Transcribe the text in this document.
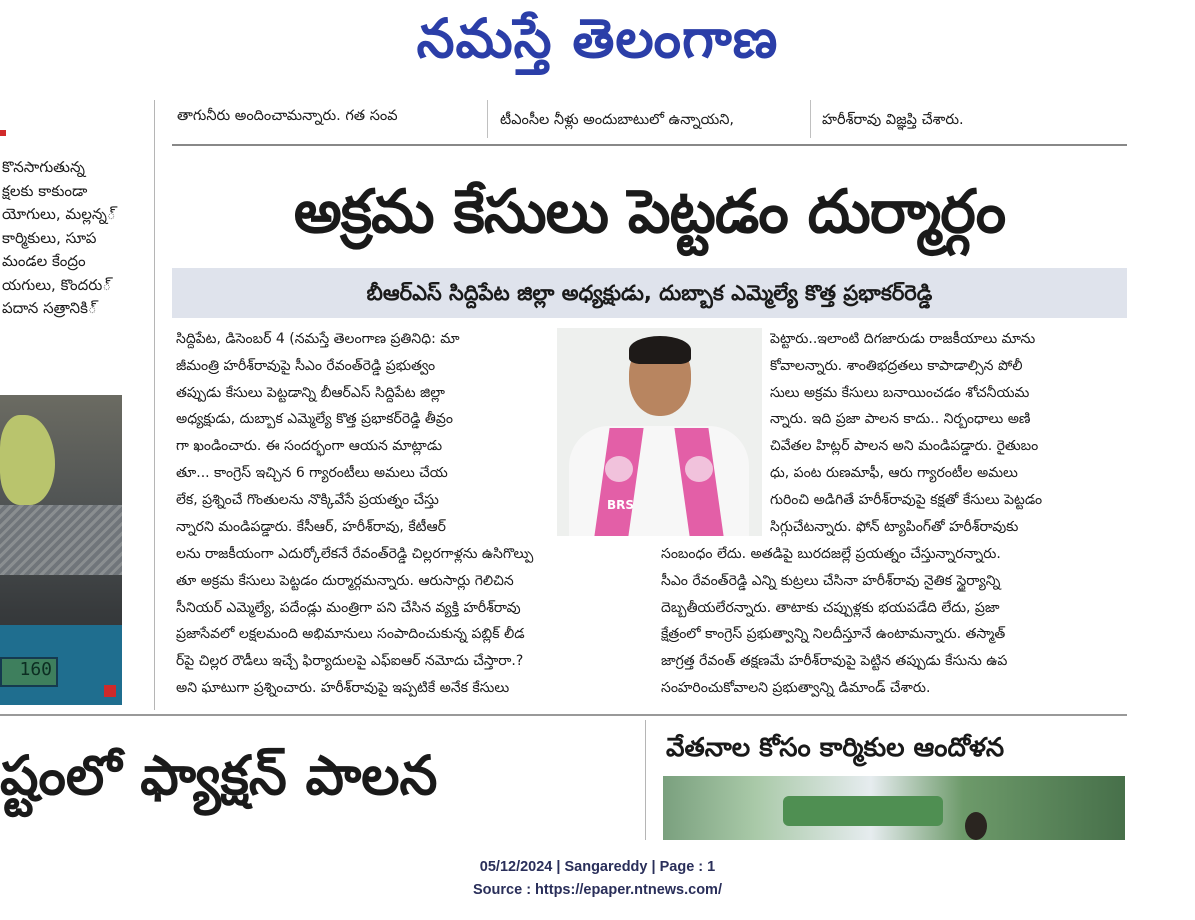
నమస్తే తెలంగాణ
కొనసాగుతున్న
క్షలకు కాకుండా
్యోగులు, మల్లన్న
కార్మికులు, సూప
మండల కేంద్రం
్యగులు, కొందరు
్పదాన సత్రానికి
160
తాగునీరు అందించామన్నారు. గత సంవ	టీఎంసీల నీళ్లు అందుబాటులో ఉన్నాయని,	హరీశ్‌రావు విజ్ఞప్తి చేశారు.
అక్రమ కేసులు పెట్టడం దుర్మార్గం
బీఆర్‌ఎస్ సిద్దిపేట జిల్లా అధ్యక్షుడు, దుబ్బాక ఎమ్మెల్యే కొత్త ప్రభాకర్‌రెడ్డి
సిద్దిపేట, డిసెంబర్ 4 (నమస్తే తెలంగాణ ప్రతినిధి: మా
జీమంత్రి హరీశ్‌రావుపై సీఎం రేవంత్‌రెడ్డి ప్రభుత్వం
తప్పుడు కేసులు పెట్టడాన్ని బీఆర్‌ఎస్ సిద్దిపేట జిల్లా
అధ్యక్షుడు, దుబ్బాక ఎమ్మెల్యే కొత్త ప్రభాకర్‌రెడ్డి తీవ్రం
గా ఖండించారు. ఈ సందర్భంగా ఆయన మాట్లాడు
తూ... కాంగ్రెస్ ఇచ్చిన 6 గ్యారంటీలు అమలు చేయ
లేక, ప్రశ్నించే గొంతులను నొక్కివేసే ప్రయత్నం చేస్తు
న్నారని మండిపడ్డారు. కేసీఆర్, హరీశ్‌రావు, కేటీఆర్
BRS
పెట్టారు..ఇలాంటి దిగజారుడు రాజకీయాలు మాను
కోవాలన్నారు. శాంతిభద్రతలు కాపాడాల్సిన పోలీ
సులు అక్రమ కేసులు బనాయించడం శోచనీయమ
న్నారు. ఇది ప్రజా పాలన కాదు.. నిర్బంధాలు అణి
చివేతల హిట్లర్ పాలన అని మండిపడ్డారు. రైతుబం
ధు, పంట రుణమాఫీ, ఆరు గ్యారంటీల అమలు
గురించి అడిగితే హరీశ్‌రావుపై కక్షతో కేసులు పెట్టడం
సిగ్గుచేటన్నారు. ఫోన్ ట్యాపింగ్‌తో హరీశ్‌రావుకు
లను రాజకీయంగా ఎదుర్కోలేకనే రేవంత్‌రెడ్డి చిల్లరగాళ్లను ఉసిగొల్పు
తూ అక్రమ కేసులు పెట్టడం దుర్మార్గమన్నారు. ఆరుసార్లు గెలిచిన
సీనియర్ ఎమ్మెల్యే, పదేండ్లు మంత్రిగా పని చేసిన వ్యక్తి హరీశ్‌రావు
ప్రజాసేవలో లక్షలమంది అభిమానులు సంపాదించుకున్న పబ్లిక్ లీడ
ర్‌పై చిల్లర రౌడీలు ఇచ్చే ఫిర్యాదులపై ఎఫ్ఐఆర్ నమోదు చేస్తారా.?
అని ఘాటుగా ప్రశ్నించారు. హరీశ్‌రావుపై ఇప్పటికే అనేక కేసులు
సంబంధం లేదు. అతడిపై బురదజల్లే ప్రయత్నం చేస్తున్నారన్నారు.
సీఎం రేవంత్‌రెడ్డి ఎన్ని కుట్రలు చేసినా హరీశ్‌రావు నైతిక స్థైర్యాన్ని
దెబ్బతీయలేరన్నారు. తాటాకు చప్పుళ్లకు భయపడేది లేదు, ప్రజా
క్షేత్రంలో కాంగ్రెస్ ప్రభుత్వాన్ని నిలదీస్తూనే ఉంటామన్నారు. తస్మాత్
జాగ్రత్త రేవంత్ తక్షణమే హరీశ్‌రావుపై పెట్టిన తప్పుడు కేసును ఉప
సంహరించుకోవాలని ప్రభుత్వాన్ని డిమాండ్ చేశారు.
ష్టంలో ఫ్యాక్షన్ పాలన	వేతనాల కోసం కార్మికుల ఆందోళన
05/12/2024 | Sangareddy | Page : 1
Source : https://epaper.ntnews.com/
